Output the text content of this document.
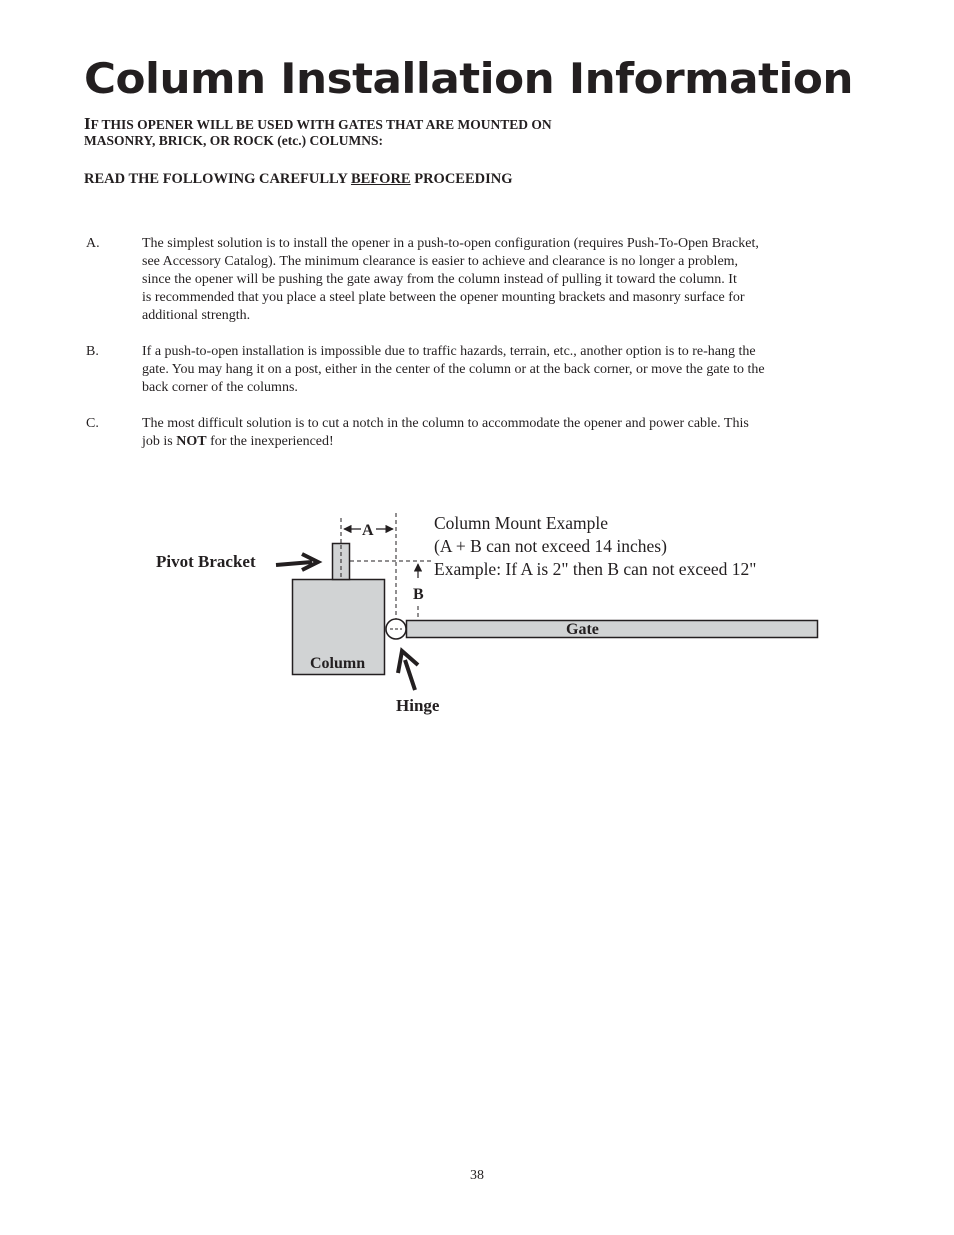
Column Installation Information
IF THIS OPENER WILL BE USED WITH GATES THAT ARE MOUNTED ON
MASONRY, BRICK, OR ROCK (etc.) COLUMNS:
READ THE FOLLOWING CAREFULLY BEFORE PROCEEDING
A.	The simplest solution is to install the opener in a push-to-open configuration (requires Push-To-Open Bracket,
see Accessory Catalog). The minimum clearance is easier to achieve and clearance is no longer a problem,
since the opener will be pushing the gate away from the column instead of pulling it toward the column. It
is recommended that you place a steel plate between the opener mounting brackets and masonry surface for
additional strength.
B.	If a push-to-open installation is impossible due to traffic hazards, terrain, etc., another option is to re-hang the
gate. You may hang it on a post, either in the center of the column or at the back corner, or move the gate to the
back corner of the columns.
C.	The most difficult solution is to cut a notch in the column to accommodate the opener and power cable. This
job is NOT for the inexperienced!
Column
A
B
Gate
Pivot Bracket
Hinge
Column Mount Example
(A + B can not exceed 14 inches)
Example: If A is 2" then B can not exceed 12"
38
